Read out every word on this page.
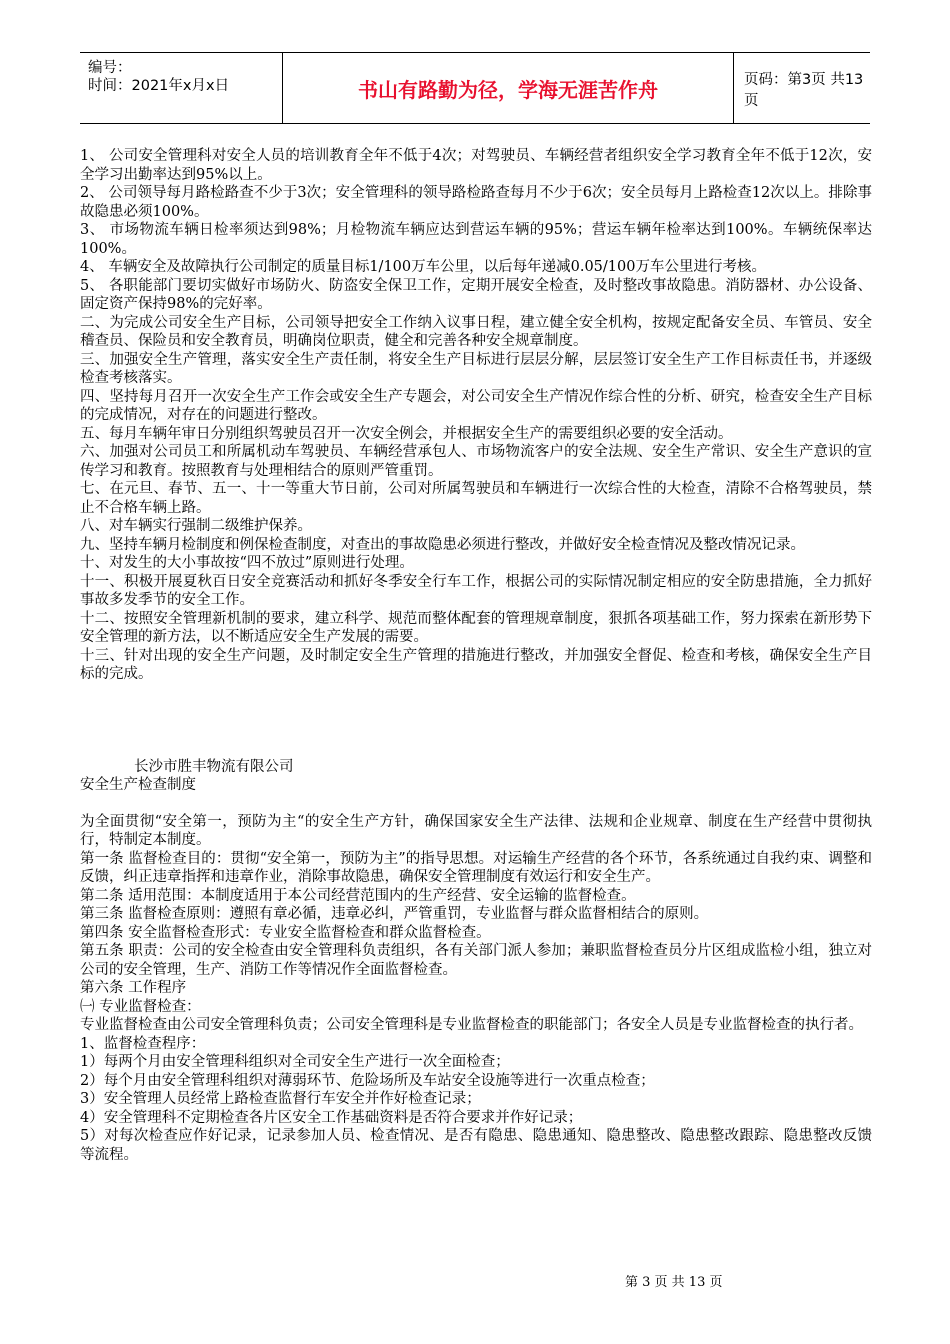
编号：
时间：2021年x月x日	书山有路勤为径，学海无涯苦作舟	页码：第3页 共13页

1、 公司安全管理科对安全人员的培训教育全年不低于4次；对驾驶员、车辆经营者组织安全学习教育全年不低于12次，安全学习出勤率达到95%以上。

2、 公司领导每月路检路查不少于3次；安全管理科的领导路检路查每月不少于6次；安全员每月上路检查12次以上。排除事故隐患必须100%。

3、 市场物流车辆日检率须达到98%；月检物流车辆应达到营运车辆的95%；营运车辆年检率达到100%。车辆统保率达100%。

4、 车辆安全及故障执行公司制定的质量目标1/100万车公里，以后每年递减0.05/100万车公里进行考核。

5、 各职能部门要切实做好市场防火、防盗安全保卫工作，定期开展安全检查，及时整改事故隐患。消防器材、办公设备、固定资产保持98%的完好率。

二、为完成公司安全生产目标，公司领导把安全工作纳入议事日程，建立健全安全机构，按规定配备安全员、车管员、安全稽查员、保险员和安全教育员，明确岗位职责，健全和完善各种安全规章制度。

三、加强安全生产管理，落实安全生产责任制，将安全生产目标进行层层分解，层层签订安全生产工作目标责任书，并逐级检查考核落实。

四、坚持每月召开一次安全生产工作会或安全生产专题会，对公司安全生产情况作综合性的分析、研究，检查安全生产目标的完成情况，对存在的问题进行整改。

五、每月车辆年审日分别组织驾驶员召开一次安全例会，并根据安全生产的需要组织必要的安全活动。

六、加强对公司员工和所属机动车驾驶员、车辆经营承包人、市场物流客户的安全法规、安全生产常识、安全生产意识的宣传学习和教育。按照教育与处理相结合的原则严管重罚。

七、在元旦、春节、五一、十一等重大节日前，公司对所属驾驶员和车辆进行一次综合性的大检查，清除不合格驾驶员，禁止不合格车辆上路。

八、对车辆实行强制二级维护保养。

九、坚持车辆月检制度和例保检查制度，对查出的事故隐患必须进行整改，并做好安全检查情况及整改情况记录。

十、对发生的大小事故按“四不放过”原则进行处理。

十一、积极开展夏秋百日安全竞赛活动和抓好冬季安全行车工作，根据公司的实际情况制定相应的安全防患措施，全力抓好事故多发季节的安全工作。

十二、按照安全管理新机制的要求，建立科学、规范而整体配套的管理规章制度，狠抓各项基础工作，努力探索在新形势下安全管理的新方法，以不断适应安全生产发展的需要。

十三、针对出现的安全生产问题，及时制定安全生产管理的措施进行整改，并加强安全督促、检查和考核，确保安全生产目标的完成。

长沙市胜丰物流有限公司

安全生产检查制度

为全面贯彻“安全第一，预防为主“的安全生产方针，确保国家安全生产法律、法规和企业规章、制度在生产经营中贯彻执行，特制定本制度。

第一条 监督检查目的：贯彻“安全第一，预防为主”的指导思想。对运输生产经营的各个环节，各系统通过自我约束、调整和反馈，纠正违章指挥和违章作业，消除事故隐患，确保安全管理制度有效运行和安全生产。

第二条 适用范围：本制度适用于本公司经营范围内的生产经营、安全运输的监督检查。

第三条 监督检查原则：遵照有章必循，违章必纠，严管重罚，专业监督与群众监督相结合的原则。

第四条 安全监督检查形式：专业安全监督检查和群众监督检查。

第五条 职责：公司的安全检查由安全管理科负责组织，各有关部门派人参加；兼职监督检查员分片区组成监检小组，独立对公司的安全管理，生产、消防工作等情况作全面监督检查。

第六条 工作程序

㈠ 专业监督检查：

专业监督检查由公司安全管理科负责；公司安全管理科是专业监督检查的职能部门；各安全人员是专业监督检查的执行者。

1、监督检查程序：

1）每两个月由安全管理科组织对全司安全生产进行一次全面检查；

2）每个月由安全管理科组织对薄弱环节、危险场所及车站安全设施等进行一次重点检查；

3）安全管理人员经常上路检查监督行车安全并作好检查记录；

4）安全管理科不定期检查各片区安全工作基础资料是否符合要求并作好记录；

5）对每次检查应作好记录，记录参加人员、检查情况、是否有隐患、隐患通知、隐患整改、隐患整改跟踪、隐患整改反馈等流程。

第 3 页 共 13 页
